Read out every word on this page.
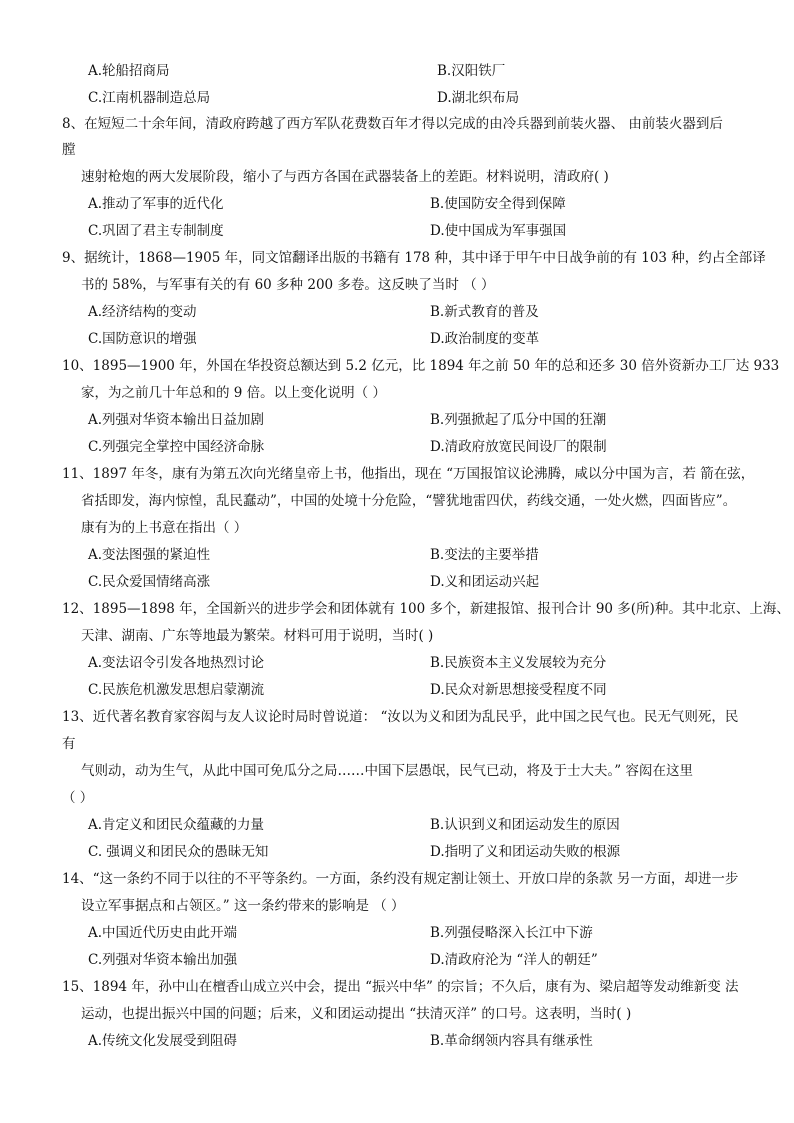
A.轮船招商局	B.汉阳铁厂
C.江南机器制造总局	D.湖北织布局
8、在短短二十余年间，清政府跨越了西方军队花费数百年才得以完成的由冷兵器到前装火器、 由前装火器到后
膛
速射枪炮的两大发展阶段，缩小了与西方各国在武器装备上的差距。材料说明，清政府( )
A.推动了军事的近代化	B.使国防安全得到保障
C.巩固了君主专制制度	D.使中国成为军事强国
9、据统计，1868—1905 年，同文馆翻译出版的书籍有 178 种，其中译于甲午中日战争前的有 103 种，约占全部译
书的 58%，与军事有关的有 60 多种 200 多卷。这反映了当时 （ ）
A.经济结构的变动	B.新式教育的普及
C.国防意识的增强	D.政治制度的变革
10、1895—1900 年，外国在华投资总额达到 5.2 亿元，比 1894 年之前 50 年的总和还多 30 倍外资新办工厂达 933
家，为之前几十年总和的 9 倍。以上变化说明（ ）
A.列强对华资本输出日益加剧	B.列强掀起了瓜分中国的狂潮
C.列强完全掌控中国经济命脉	D.清政府放宽民间设厂的限制
11、1897 年冬，康有为第五次向光绪皇帝上书，他指出，现在 “万国报馆议论沸腾，咸以分中国为言，若 箭在弦，
省括即发，海内惊惶，乱民蠢动”，中国的处境十分危险，“譬犹地雷四伏，药线交通，一处火燃，四面皆应”。
康有为的上书意在指出（ ）
A.变法图强的紧迫性	B.变法的主要举措
C.民众爱国情绪高涨	D.义和团运动兴起
12、1895—1898 年，全国新兴的进步学会和团体就有 100 多个，新建报馆、报刊合计 90 多(所)种。其中北京、上海、
天津、湖南、广东等地最为繁荣。材料可用于说明，当时( )
A.变法诏令引发各地热烈讨论	B.民族资本主义发展较为充分
C.民族危机激发思想启蒙潮流	D.民众对新思想接受程度不同
13、近代著名教育家容闳与友人议论时局时曾说道： “汝以为义和团为乱民乎，此中国之民气也。民无气则死，民
有
气则动，动为生气，从此中国可免瓜分之局……中国下层愚氓，民气已动，将及于士大夫。” 容闳在这里
（ ）
A.肯定义和团民众蕴藏的力量	B.认识到义和团运动发生的原因
C. 强调义和团民众的愚昧无知	D.指明了义和团运动失败的根源
14、“这一条约不同于以往的不平等条约。一方面，条约没有规定割让领土、开放口岸的条款 另一方面，却进一步
设立军事据点和占领区。” 这一条约带来的影响是 （ ）
A.中国近代历史由此开端	B.列强侵略深入长江中下游
C.列强对华资本输出加强	D.清政府沦为 “洋人的朝廷”
15、1894 年，孙中山在檀香山成立兴中会，提出 “振兴中华” 的宗旨；不久后，康有为、梁启超等发动维新变 法
运动，也提出振兴中国的问题；后来，义和团运动提出 “扶清灭洋” 的口号。这表明，当时( )
A.传统文化发展受到阻碍	B.革命纲领内容具有继承性
